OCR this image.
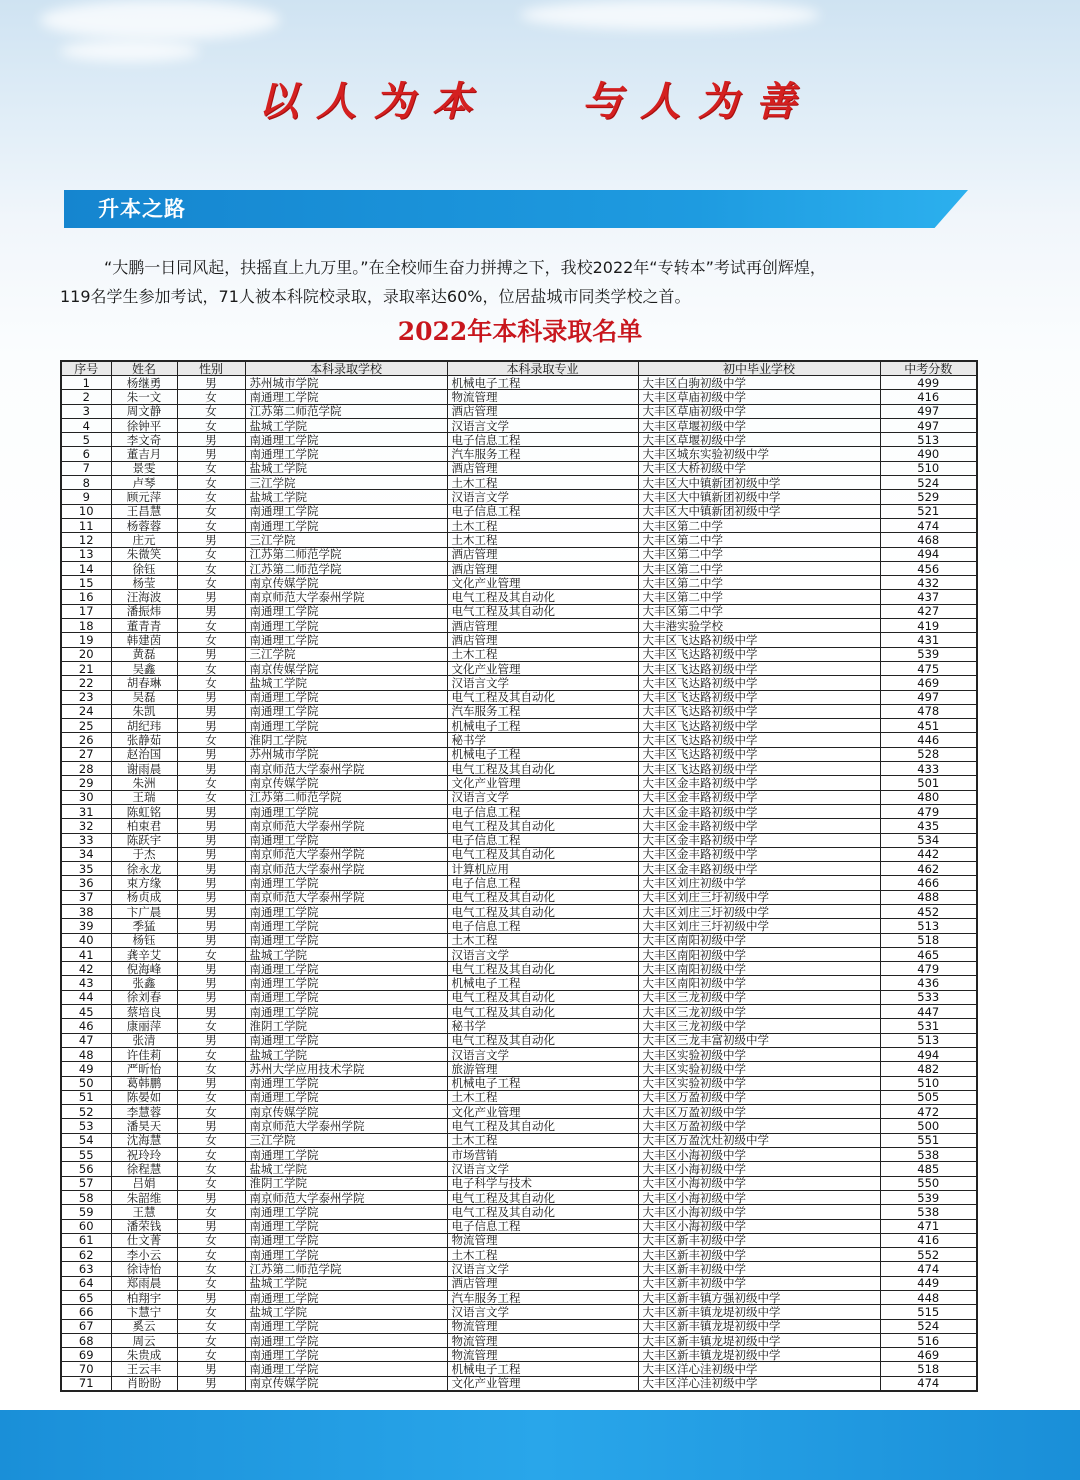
以人为本 与人为善
升本之路

“大鹏一日同风起，扶摇直上九万里。”在全校师生奋力拼搏之下，我校2022年“专转本”考试再创辉煌，

119名学生参加考试，71人被本科院校录取，录取率达60%，位居盐城市同类学校之首。

2022年本科录取名单
序号	姓名	性别	本科录取学校	本科录取专业	初中毕业学校	中考分数
1	杨继勇	男	苏州城市学院	机械电子工程	大丰区白驹初级中学	499
2	朱一文	女	南通理工学院	物流管理	大丰区草庙初级中学	416
3	周文静	女	江苏第二师范学院	酒店管理	大丰区草庙初级中学	497
4	徐钟平	女	盐城工学院	汉语言文学	大丰区草堰初级中学	497
5	李文奇	男	南通理工学院	电子信息工程	大丰区草堰初级中学	513
6	董吉月	男	南通理工学院	汽车服务工程	大丰区城东实验初级中学	490
7	景雯	女	盐城工学院	酒店管理	大丰区大桥初级中学	510
8	卢琴	女	三江学院	土木工程	大丰区大中镇新团初级中学	524
9	顾元萍	女	盐城工学院	汉语言文学	大丰区大中镇新团初级中学	529
10	王昌慧	女	南通理工学院	电子信息工程	大丰区大中镇新团初级中学	521
11	杨蓉蓉	女	南通理工学院	土木工程	大丰区第二中学	474
12	庄元	男	三江学院	土木工程	大丰区第二中学	468
13	朱微笑	女	江苏第二师范学院	酒店管理	大丰区第二中学	494
14	徐钰	女	江苏第二师范学院	酒店管理	大丰区第二中学	456
15	杨莹	女	南京传媒学院	文化产业管理	大丰区第二中学	432
16	汪海波	男	南京师范大学泰州学院	电气工程及其自动化	大丰区第二中学	437
17	潘振炜	男	南通理工学院	电气工程及其自动化	大丰区第二中学	427
18	董青青	女	南通理工学院	酒店管理	大丰港实验学校	419
19	韩建茵	女	南通理工学院	酒店管理	大丰区飞达路初级中学	431
20	黄磊	男	三江学院	土木工程	大丰区飞达路初级中学	539
21	吴鑫	女	南京传媒学院	文化产业管理	大丰区飞达路初级中学	475
22	胡春琳	女	盐城工学院	汉语言文学	大丰区飞达路初级中学	469
23	吴磊	男	南通理工学院	电气工程及其自动化	大丰区飞达路初级中学	497
24	朱凯	男	南通理工学院	汽车服务工程	大丰区飞达路初级中学	478
25	胡纪玮	男	南通理工学院	机械电子工程	大丰区飞达路初级中学	451
26	张静茹	女	淮阴工学院	秘书学	大丰区飞达路初级中学	446
27	赵治国	男	苏州城市学院	机械电子工程	大丰区飞达路初级中学	528
28	谢雨晨	男	南京师范大学泰州学院	电气工程及其自动化	大丰区飞达路初级中学	433
29	朱洲	女	南京传媒学院	文化产业管理	大丰区金丰路初级中学	501
30	王瑞	女	江苏第二师范学院	汉语言文学	大丰区金丰路初级中学	480
31	陈虹铭	男	南通理工学院	电子信息工程	大丰区金丰路初级中学	479
32	柏束君	男	南京师范大学泰州学院	电气工程及其自动化	大丰区金丰路初级中学	435
33	陈跃宇	男	南通理工学院	电子信息工程	大丰区金丰路初级中学	534
34	于杰	男	南京师范大学泰州学院	电气工程及其自动化	大丰区金丰路初级中学	442
35	徐永龙	男	南京师范大学泰州学院	计算机应用	大丰区金丰路初级中学	462
36	束方缘	男	南通理工学院	电子信息工程	大丰区刘庄初级中学	466
37	杨贞成	男	南京师范大学泰州学院	电气工程及其自动化	大丰区刘庄三圩初级中学	488
38	卞广晨	男	南通理工学院	电气工程及其自动化	大丰区刘庄三圩初级中学	452
39	季猛	男	南通理工学院	电子信息工程	大丰区刘庄三圩初级中学	513
40	杨钰	男	南通理工学院	土木工程	大丰区南阳初级中学	518
41	龚辛艾	女	盐城工学院	汉语言文学	大丰区南阳初级中学	465
42	倪海峰	男	南通理工学院	电气工程及其自动化	大丰区南阳初级中学	479
43	张鑫	男	南通理工学院	机械电子工程	大丰区南阳初级中学	436
44	徐刘春	男	南通理工学院	电气工程及其自动化	大丰区三龙初级中学	533
45	蔡培良	男	南通理工学院	电气工程及其自动化	大丰区三龙初级中学	447
46	康丽萍	女	淮阴工学院	秘书学	大丰区三龙初级中学	531
47	张清	男	南通理工学院	电气工程及其自动化	大丰区三龙丰富初级中学	513
48	许佳莉	女	盐城工学院	汉语言文学	大丰区实验初级中学	494
49	严昕怡	女	苏州大学应用技术学院	旅游管理	大丰区实验初级中学	482
50	葛韩鹏	男	南通理工学院	机械电子工程	大丰区实验初级中学	510
51	陈晏如	女	南通理工学院	土木工程	大丰区万盈初级中学	505
52	李慧蓉	女	南京传媒学院	文化产业管理	大丰区万盈初级中学	472
53	潘昊天	男	南京师范大学泰州学院	电气工程及其自动化	大丰区万盈初级中学	500
54	沈海慧	女	三江学院	土木工程	大丰区万盈沈灶初级中学	551
55	祝玲玲	女	南通理工学院	市场营销	大丰区小海初级中学	538
56	徐程慧	女	盐城工学院	汉语言文学	大丰区小海初级中学	485
57	吕娟	女	淮阴工学院	电子科学与技术	大丰区小海初级中学	550
58	朱韶维	男	南京师范大学泰州学院	电气工程及其自动化	大丰区小海初级中学	539
59	王慧	女	南通理工学院	电气工程及其自动化	大丰区小海初级中学	538
60	潘荣钱	男	南通理工学院	电子信息工程	大丰区小海初级中学	471
61	仕文菁	女	南通理工学院	物流管理	大丰区新丰初级中学	416
62	李小云	女	南通理工学院	土木工程	大丰区新丰初级中学	552
63	徐诗怡	女	江苏第二师范学院	汉语言文学	大丰区新丰初级中学	474
64	郑雨晨	女	盐城工学院	酒店管理	大丰区新丰初级中学	449
65	柏翔宇	男	南通理工学院	汽车服务工程	大丰区新丰镇方强初级中学	448
66	卞慧宁	女	盐城工学院	汉语言文学	大丰区新丰镇龙堤初级中学	515
67	奚云	女	南通理工学院	物流管理	大丰区新丰镇龙堤初级中学	524
68	周云	女	南通理工学院	物流管理	大丰区新丰镇龙堤初级中学	516
69	朱贵成	女	南通理工学院	物流管理	大丰区新丰镇龙堤初级中学	469
70	王云丰	男	南通理工学院	机械电子工程	大丰区洋心洼初级中学	518
71	肖盼盼	男	南京传媒学院	文化产业管理	大丰区洋心洼初级中学	474
